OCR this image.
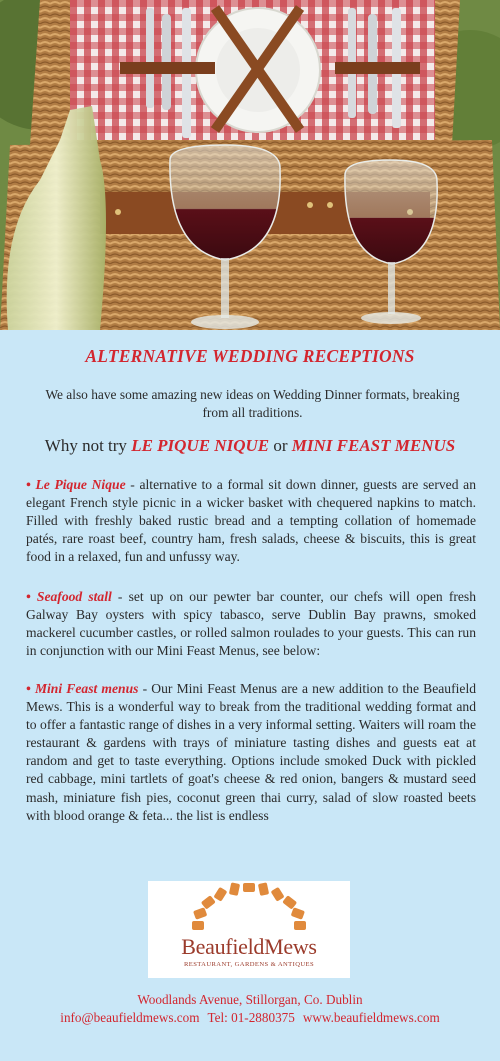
ALTERNATIVE WEDDING RECEPTIONS
We also have some amazing new ideas on Wedding Dinner formats, breaking from all traditions.
Why not try LE PIQUE NIQUE or MINI FEAST MENUS
• Le Pique Nique - alternative to a formal sit down dinner, guests are served an elegant French style picnic in a wicker basket with chequered napkins to match. Filled with freshly baked rustic bread and a tempting collation of homemade patés, rare roast beef, country ham, fresh salads, cheese & biscuits, this is great food in a relaxed, fun and unfussy way.
• Seafood stall - set up on our pewter bar counter, our chefs will open fresh Galway Bay oysters with spicy tabasco, serve Dublin Bay prawns, smoked mackerel cucumber castles, or rolled salmon roulades to your guests. This can run in conjunction with our Mini Feast Menus, see below:
• Mini Feast menus - Our Mini Feast Menus are a new addition to the Beaufield Mews. This is a wonderful way to break from the traditional wedding format and to offer a fantastic range of dishes in a very informal setting. Waiters will roam the restaurant & gardens with trays of miniature tasting dishes and guests eat at random and get to taste everything. Options include smoked Duck with pickled red cabbage, mini tartlets of goat's cheese & red onion, bangers & mustard seed mash, miniature fish pies, coconut green thai curry, salad of slow roasted beets with blood orange & feta... the list is endless
BeaufieldMews
RESTAURANT, GARDENS & ANTIQUES
Woodlands Avenue, Stillorgan, Co. Dublin
info@beaufieldmews.com Tel: 01-2880375 www.beaufieldmews.com
